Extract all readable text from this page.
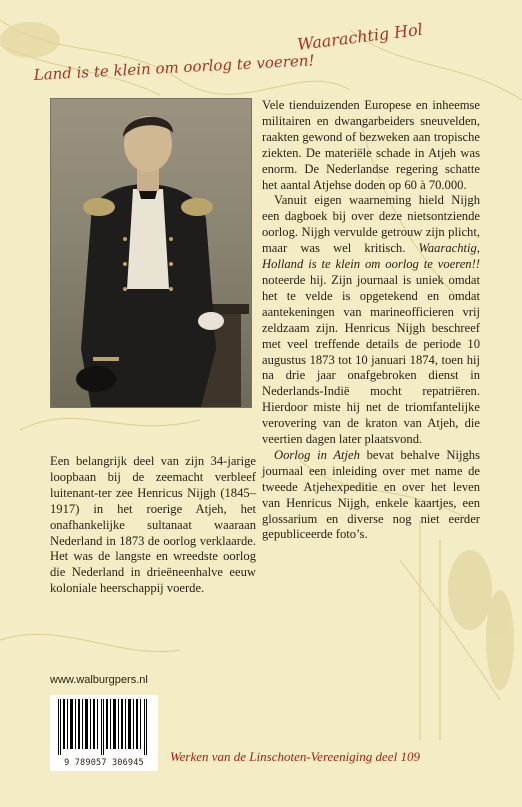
Waarachtig Hol
Land is te klein om oorlog te voeren!

Vele tienduizenden Europese en inheemse militairen en dwangarbeiders sneuvelden, raakten gewond of bezweken aan tropische ziekten. De materiële schade in Atjeh was enorm. De Nederlandse regering schatte het aantal Atjehse doden op 60 à 70.000.

Vanuit eigen waarneming hield Nijgh een dagboek bij over deze nietsontziende oorlog. Nijgh vervulde getrouw zijn plicht, maar was wel kritisch. Waarachtig, Holland is te klein om oorlog te voeren!! noteerde hij. Zijn journaal is uniek omdat het te velde is opgetekend en omdat aantekeningen van marineofficieren vrij zeldzaam zijn. Henricus Nijgh beschreef met veel treffende details de periode 10 augustus 1873 tot 10 januari 1874, toen hij na drie jaar onafgebroken dienst in Nederlands-Indië mocht repatriëren. Hierdoor miste hij net de triomfantelijke verovering van de kraton van Atjeh, die veertien dagen later plaatsvond.

Oorlog in Atjeh bevat behalve Nijghs journaal een inleiding over met name de tweede Atjehexpeditie en over het leven van Henricus Nijgh, enkele kaartjes, een glossarium en diverse nog niet eerder gepubliceerde foto’s.

Een belangrijk deel van zijn 34-jarige loopbaan bij de zeemacht verbleef luitenant-ter zee Henricus Nijgh (1845–1917) in het roerige Atjeh, het onafhankelijke sultanaat waaraan Nederland in 1873 de oorlog verklaarde. Het was de langste en wreedste oorlog die Nederland in drieëneenhalve eeuw koloniale heerschappij voerde.

www.walburgpers.nl
9 789057 306945	Werken van de Linschoten-Vereeniging deel 109
